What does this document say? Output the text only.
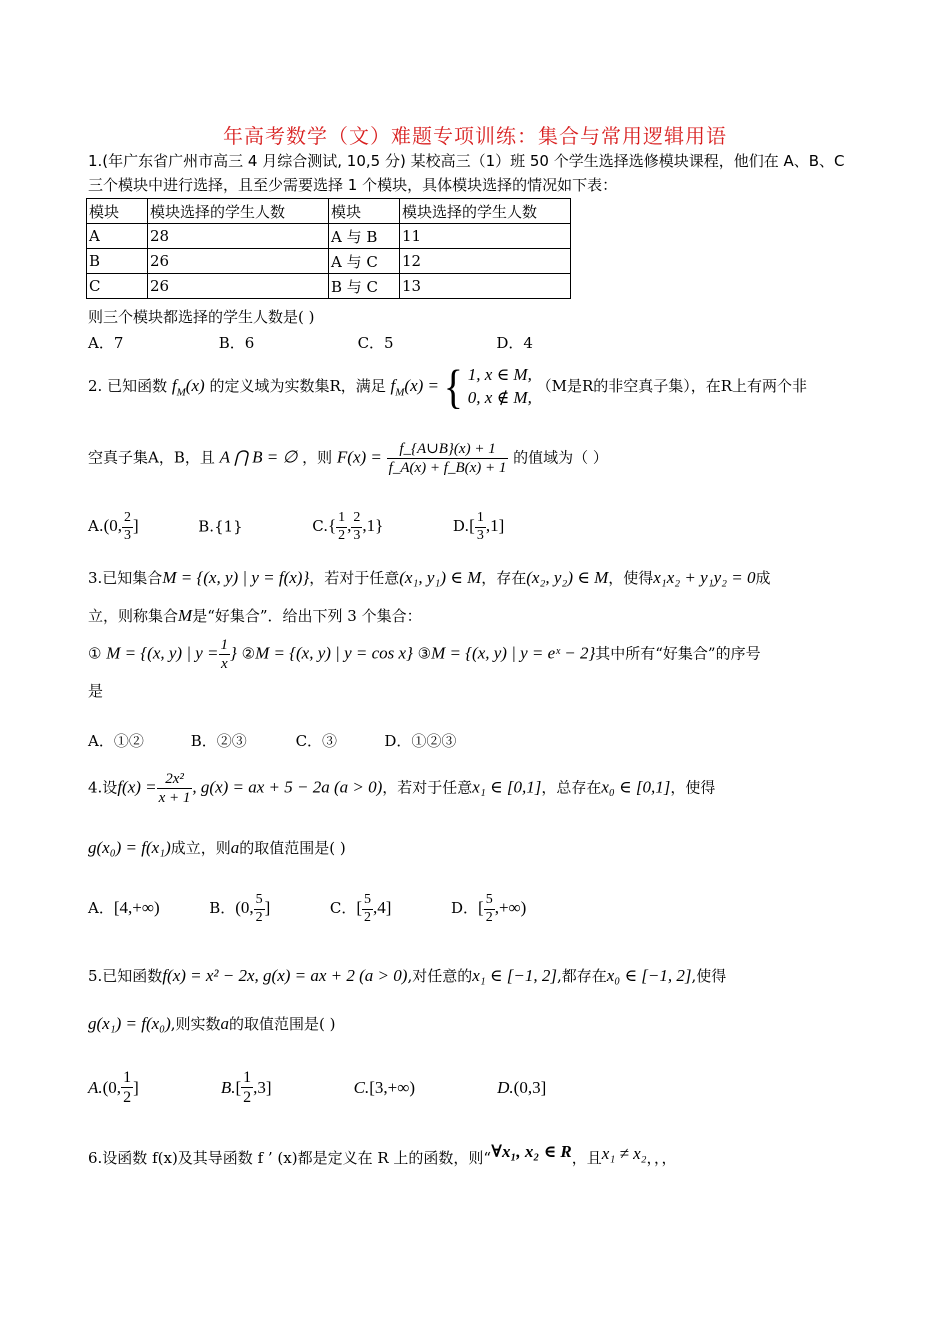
年高考数学（文）难题专项训练：集合与常用逻辑用语
1.(年广东省广州市高三 4 月综合测试, 10,5 分) 某校高三（1）班 50 个学生选择选修模块课程，他们在 A、B、C
三个模块中进行选择，且至少需要选择 1 个模块，具体模块选择的情况如下表：
模块	模块选择的学生人数	模块	模块选择的学生人数
A	28	A 与 B	11
B	26	A 与 C	12
C	26	B 与 C	13
则三个模块都选择的学生人数是( )
A．7	B．6	C．5	D．4
2. 已知函数 $f_M(x)$ 的定义域为实数集R，满足 $f_M(x)$ = { 1, x ∈ M,
0, x ∉ M,
（M是R的非空真子集），在R上有两个非
空真子集A，B，且 A ⋂ B = ∅ ，则 $F(x) = \frac{f\_\{A\cup B\}(x) + 1}{f\_A(x) + f\_B(x) + 1}$ 的值域为（ ）
A.(0, $\frac{2}{3}$ ]	B.{1}	$C.\{ \frac{1}{2}$ , $\frac{2}{3} ,1$}	$D.[ \frac{1}{3} ,1]$
3.已知集合M = {(x, y) | y = f(x)}，若对于任意(x₁, y₁) ∈ M，存在(x₂, y₂) ∈ M，使得x₁x₂ + y₁y₂ = 0成
立，则称集合M是“好集合”．给出下列 3 个集合：
① M = {(x, y) | $y = \frac{1}{x}$ } ②M = {(x, y) | y = cos x} ③M = {(x, y) | y = eˣ − 2}其中所有“好集合”的序号
是
A．①②	B．②③	C．③	D．①②③
4.设$f(x) = \frac{\text{2x²}}{x + 1}$ , g(x) = ax + 5 − 2a (a > 0)，若对于任意x₁ ∈ [0,1]，总存在x₀ ∈ [0,1]，使得
g(x₀) = f(x₁)成立，则a的取值范围是( )
A．[4,+∞)	B．(0, $\frac{5}{2}$ ]	C．[ $\frac{5}{2} ,4$]	D．[ $\frac{5}{2}$ ,+∞)
5.已知函数f(x) = x² − 2x, g(x) = ax + 2 (a > 0),对任意的x₁ ∈ [−1, 2],都存在x₀ ∈ [−1, 2],使得
g(x₁) = f(x₀),则实数a的取值范围是( )
A.(0, $\frac{1}{2}$ ]	$B.[ \frac{1}{2} ,3]$	C.[3,+∞)	D.(0,3]
6.设函数 f(x)及其导函数 f ’ (x)都是定义在 R 上的函数，则“∀x₁, x₂ ∈ R，且x₁ ≠ x₂，，，
